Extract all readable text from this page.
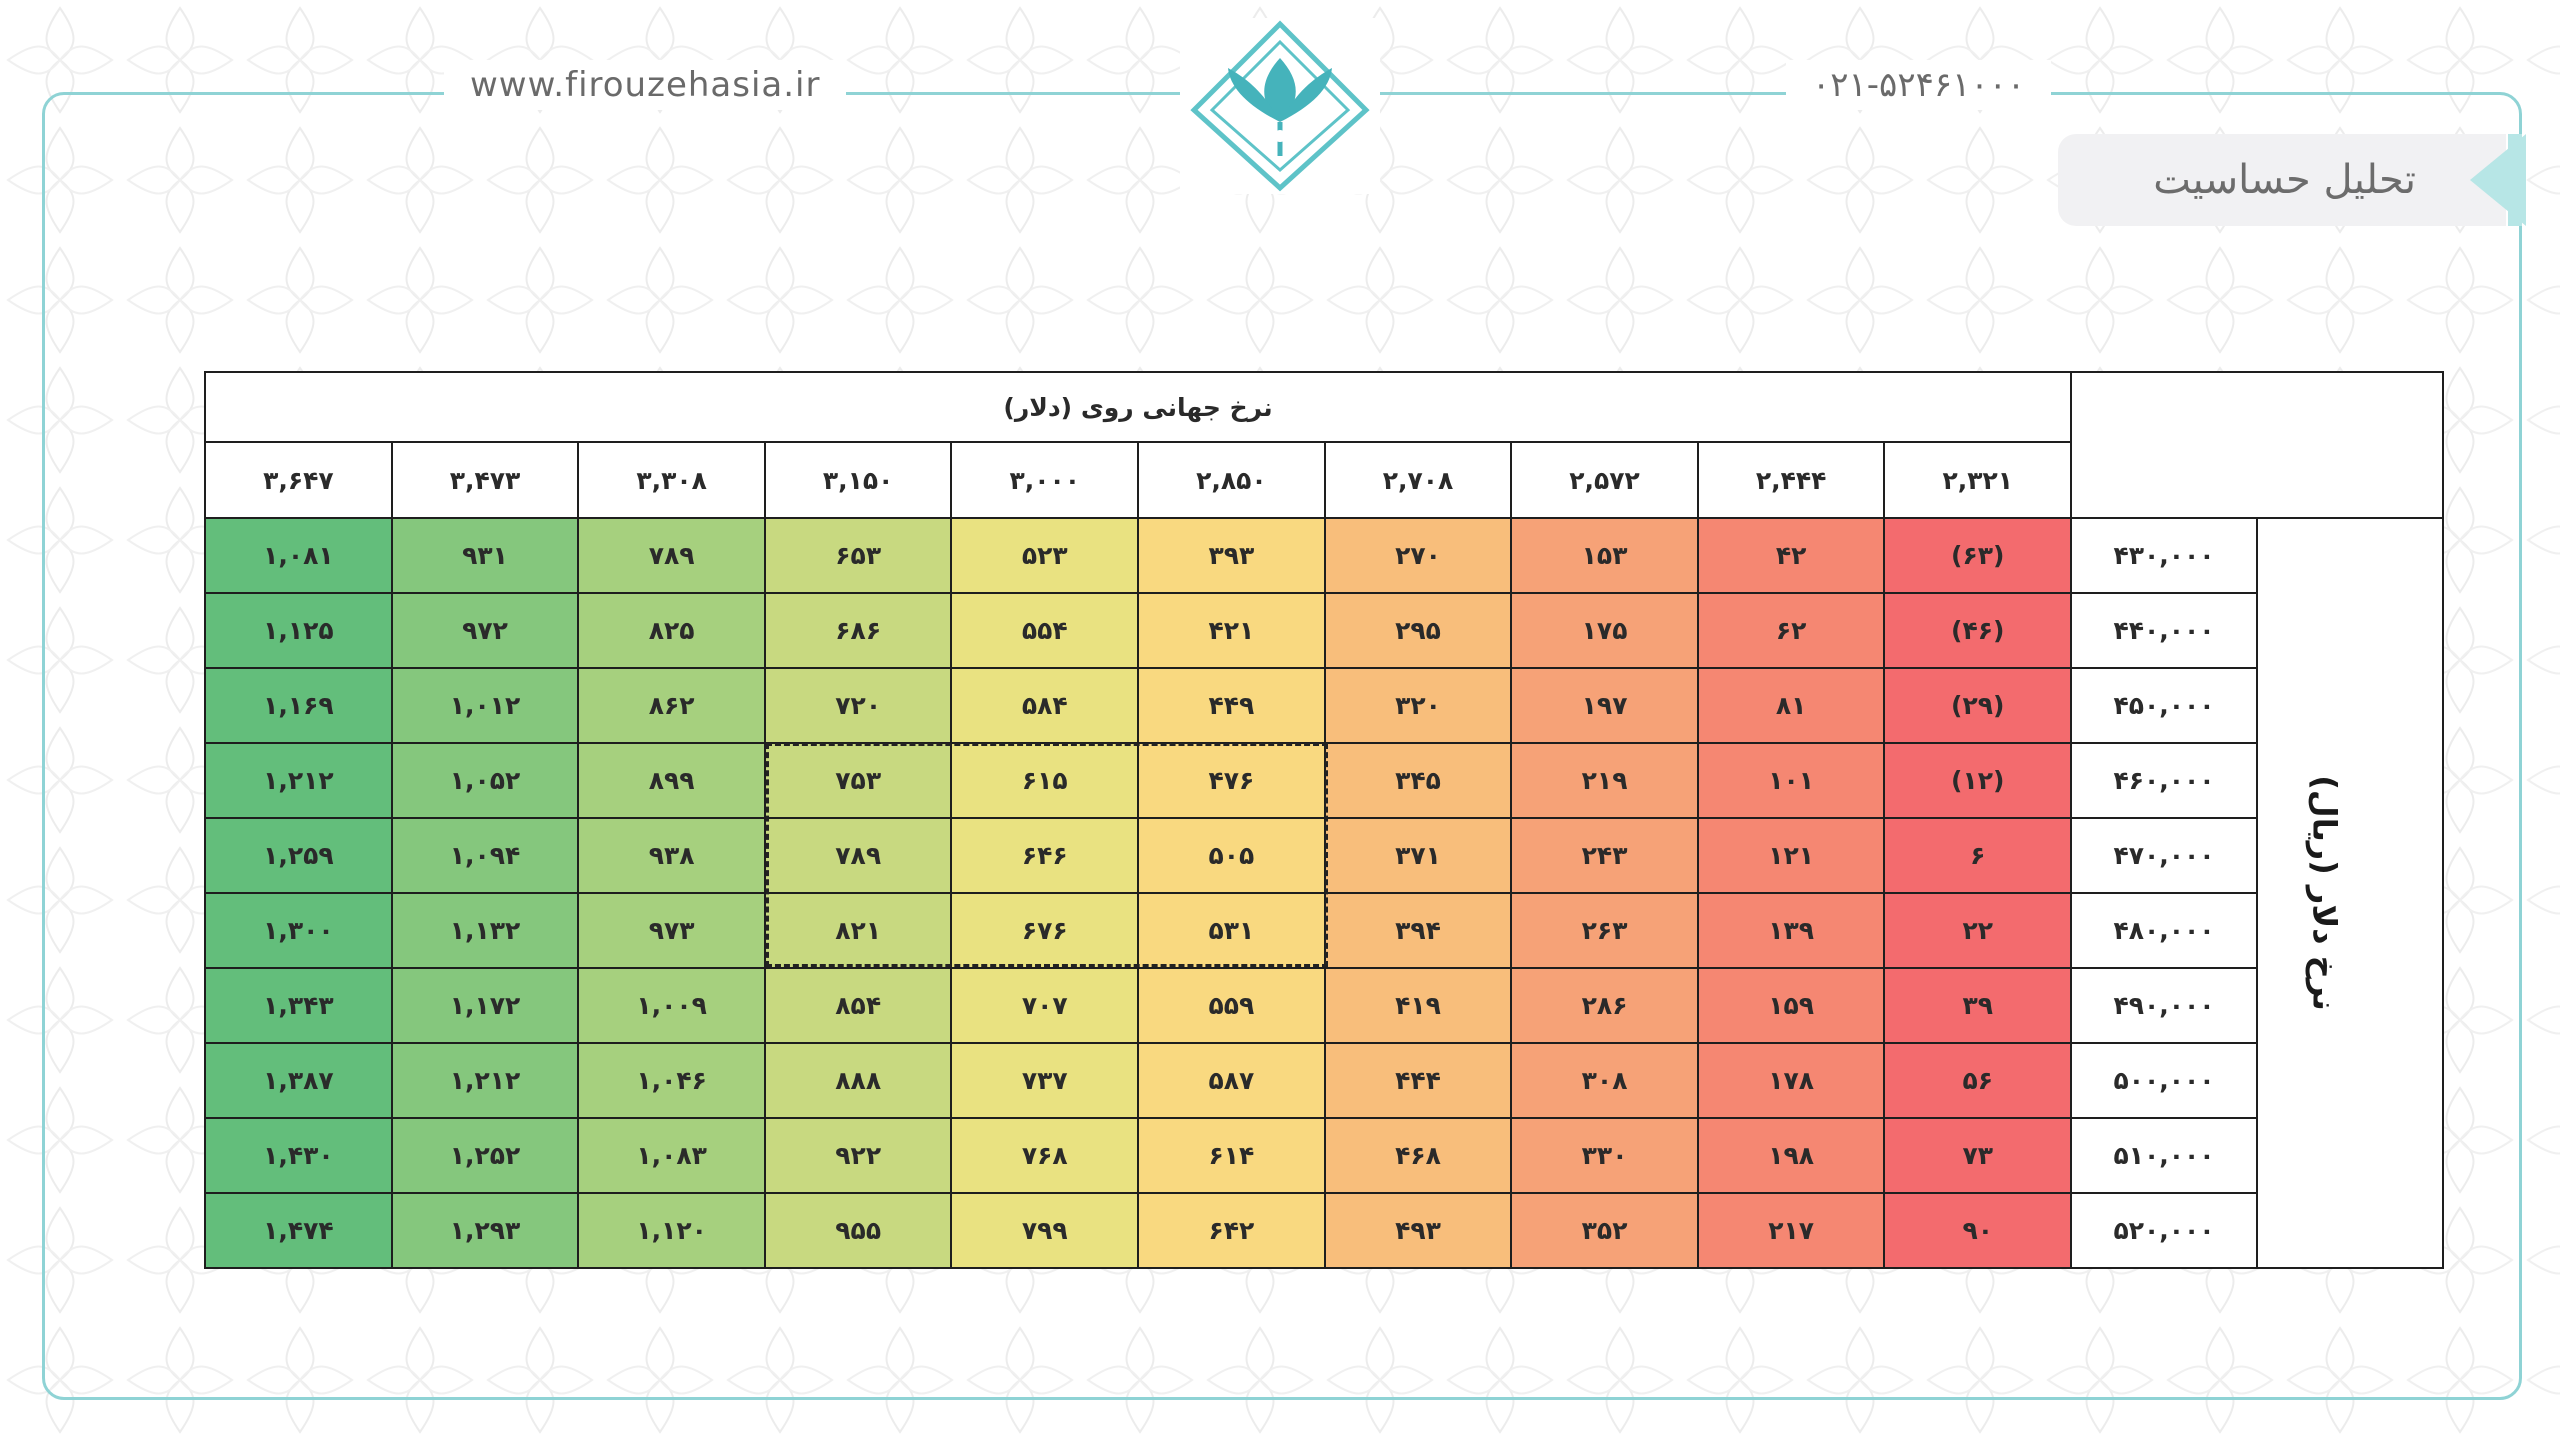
www.firouzehasia.ir	۰۲۱-۵۲۴۶۱۰۰۰
تحلیل حساسیت
		نرخ جهانی روی (دلار)									
		۲,۳۲۱	۲,۴۴۴	۲,۵۷۲	۲,۷۰۸	۲,۸۵۰	۳,۰۰۰	۳,۱۵۰	۳,۳۰۸	۳,۴۷۳	۳,۶۴۷
نرخ دلار (ریال)	۴۳۰,۰۰۰	(۶۳)	۴۲	۱۵۳	۲۷۰	۳۹۳	۵۲۳	۶۵۳	۷۸۹	۹۳۱	۱,۰۸۱
	۴۴۰,۰۰۰	(۴۶)	۶۲	۱۷۵	۲۹۵	۴۲۱	۵۵۴	۶۸۶	۸۲۵	۹۷۲	۱,۱۲۵
	۴۵۰,۰۰۰	(۲۹)	۸۱	۱۹۷	۳۲۰	۴۴۹	۵۸۴	۷۲۰	۸۶۲	۱,۰۱۲	۱,۱۶۹
	۴۶۰,۰۰۰	(۱۲)	۱۰۱	۲۱۹	۳۴۵	۴۷۶	۶۱۵	۷۵۳	۸۹۹	۱,۰۵۲	۱,۲۱۲
	۴۷۰,۰۰۰	۶	۱۲۱	۲۴۳	۳۷۱	۵۰۵	۶۴۶	۷۸۹	۹۳۸	۱,۰۹۴	۱,۲۵۹
	۴۸۰,۰۰۰	۲۲	۱۳۹	۲۶۳	۳۹۴	۵۳۱	۶۷۶	۸۲۱	۹۷۳	۱,۱۳۲	۱,۳۰۰
	۴۹۰,۰۰۰	۳۹	۱۵۹	۲۸۶	۴۱۹	۵۵۹	۷۰۷	۸۵۴	۱,۰۰۹	۱,۱۷۲	۱,۳۴۳
	۵۰۰,۰۰۰	۵۶	۱۷۸	۳۰۸	۴۴۴	۵۸۷	۷۳۷	۸۸۸	۱,۰۴۶	۱,۲۱۲	۱,۳۸۷
	۵۱۰,۰۰۰	۷۳	۱۹۸	۳۳۰	۴۶۸	۶۱۴	۷۶۸	۹۲۲	۱,۰۸۳	۱,۲۵۲	۱,۴۳۰
	۵۲۰,۰۰۰	۹۰	۲۱۷	۳۵۲	۴۹۳	۶۴۲	۷۹۹	۹۵۵	۱,۱۲۰	۱,۲۹۳	۱,۴۷۴
